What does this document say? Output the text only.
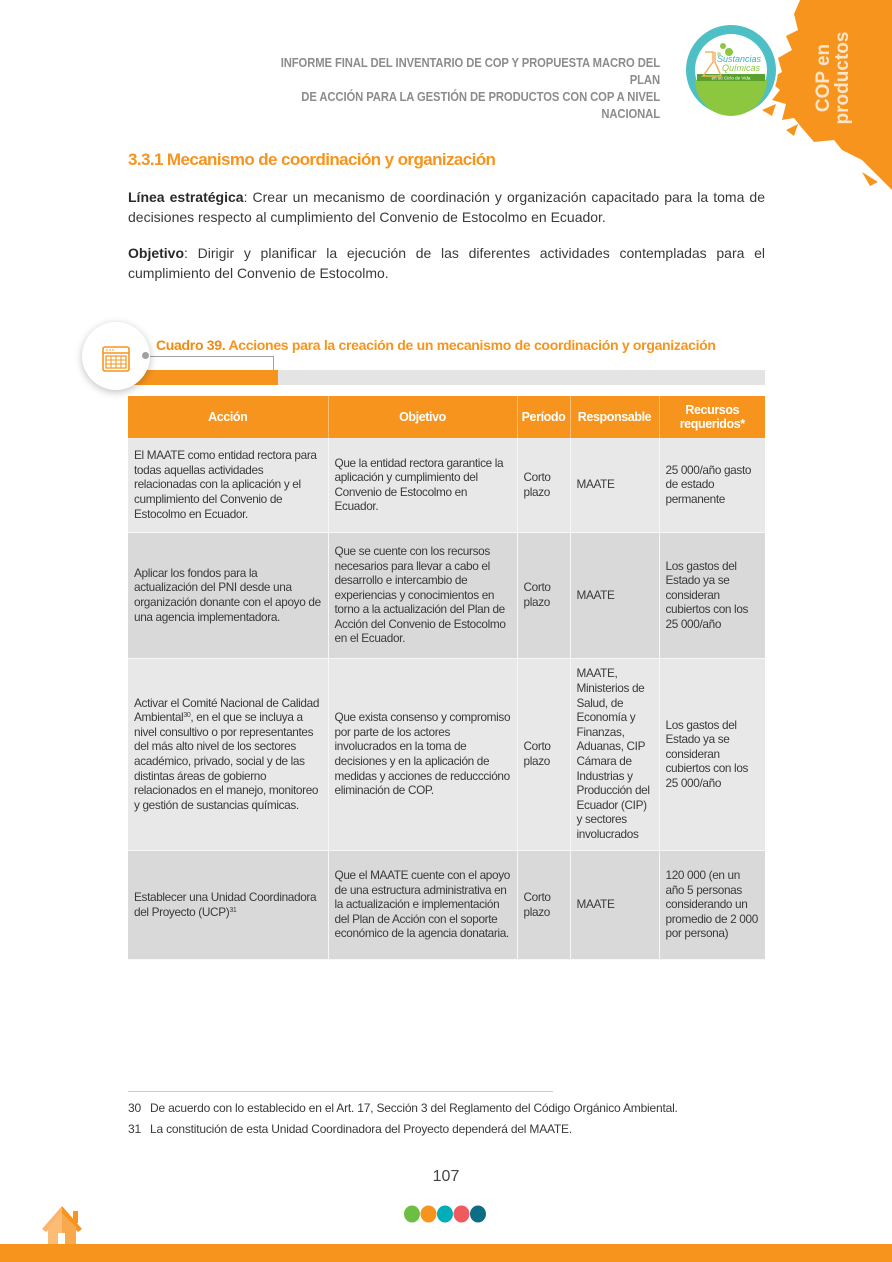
INFORME FINAL DEL INVENTARIO DE COP Y PROPUESTA MACRO DEL PLAN
DE ACCIÓN PARA LA GESTIÓN DE PRODUCTOS CON COP A NIVEL NACIONAL
Sustancias
Químicas
en su Ciclo de Vida	COP en
productos
3.3.1 Mecanismo de coordinación y organización
Línea estratégica: Crear un mecanismo de coordinación y organización capacitado para la toma de decisiones respecto al cumplimiento del Convenio de Estocolmo en Ecuador.
Objetivo: Dirigir y planificar la ejecución de las diferentes actividades contempladas para el cumplimiento del Convenio de Estocolmo.
Cuadro 39. Acciones para la creación de un mecanismo de coordinación y organización
Acción	Objetivo	Período	Responsable	Recursos requeridos*
El MAATE como entidad rectora para todas aquellas actividades relacionadas con la aplicación y el cumplimiento del Convenio de Estocolmo en Ecuador.	Que la entidad rectora garantice la aplicación y cumplimiento del Convenio de Estocolmo en Ecuador.	Corto plazo	MAATE	25 000/año gasto de estado permanente
Aplicar los fondos para la actualización del PNI desde una organización donante con el apoyo de una agencia implementadora.	Que se cuente con los recursos necesarios para llevar a cabo el desarrollo e intercambio de experiencias y conocimientos en torno a la actualización del Plan de Acción del Convenio de Estocolmo en el Ecuador.	Corto plazo	MAATE	Los gastos del Estado ya se consideran cubiertos con los 25 000/año
Activar el Comité Nacional de Calidad Ambiental$^{30}$, en el que se incluya a nivel consultivo o por representantes del más alto nivel de los sectores académico, privado, social y de las distintas áreas de gobierno relacionados en el manejo, monitoreo y gestión de sustancias químicas.	Que exista consenso y compromiso por parte de los actores involucrados en la toma de decisiones y en la aplicación de medidas y acciones de reducccióno eliminación de COP.	Corto plazo	MAATE, Ministerios de Salud, de Economía y Finanzas, Aduanas, CIP Cámara de Industrias y Producción del Ecuador (CIP) y sectores involucrados	Los gastos del Estado ya se consideran cubiertos con los 25 000/año
Establecer una Unidad Coordinadora del Proyecto (UCP)$^{31}$	Que el MAATE cuente con el apoyo de una estructura administrativa en la actualización e implementación del Plan de Acción con el soporte económico de la agencia donataria.	Corto plazo	MAATE	120 000 (en un año 5 personas considerando un promedio de 2 000 por persona)
30 De acuerdo con lo establecido en el Art. 17, Sección 3 del Reglamento del Código Orgánico Ambiental.
31 La constitución de esta Unidad Coordinadora del Proyecto dependerá del MAATE.
107
